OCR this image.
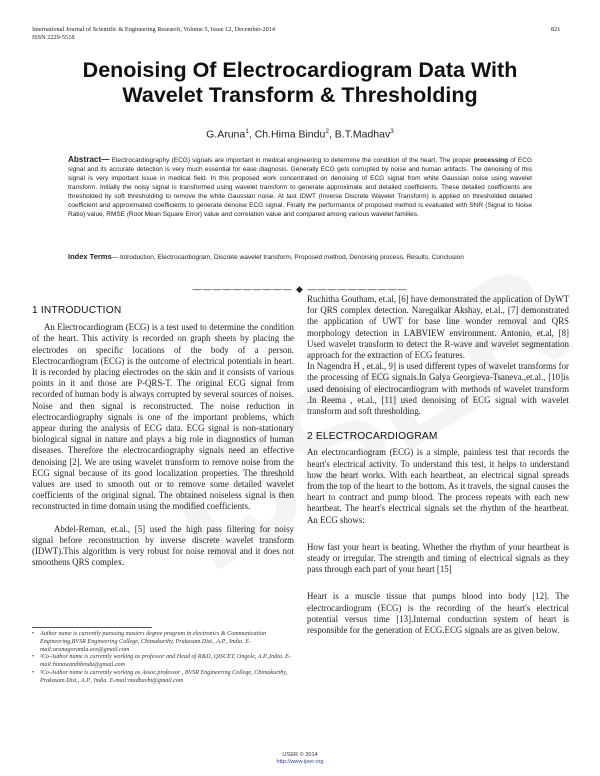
International Journal of Scientific & Engineering Research, Volume 5, Issue 12, December-2014
ISSN 2229-5518
821
Denoising Of Electrocardiogram Data With
Wavelet Transform & Thresholding
G.Aruna$^1$, Ch.Hima Bindu$^2$, B.T.Madhav$^3$
Abstract— Electrocardiography (ECG) signals are important in medical engineering to determine the condition of the heart. The proper processing of ECG signal and its accurate detection is very much essential for ease diagnosis. Generally ECG gets corrupted by noise and human artifacts. The denoising of this signal is very important issue in medical field. In this proposed work concentrated on denoising of ECG signal from white Gaussian noise using wavelet transform. Initially the noisy signal is transformed using wavelet transform to generate approximate and detailed coefficients. These detailed coefficients are thresholded by soft thresholding to remove the white Gaussian noise. At last IDWT (Inverse Discrete Wavelet Transform) is applied on thresholded detailed coefficient and approximated coefficients to generate denoise ECG signal. Finally the performance of proposed method is evaluated with SNR (Signal to Noise Ratio) value, RMSE (Root Mean Square Error) value and correlation value and compared among various wavelet families.
Index Terms— Introduction, Electrocardiogram, Discrete wavelet transform, Proposed method, Denoising process, Results, Conclusion
—————————— ◆ ——————————
1 INTRODUCTION

An Electrocardiogram (ECG) is a test used to determine the condition of the heart. This activity is recorded on graph sheets by placing the electrodes on specific locations of the body of a person. Electrocardiogram (ECG) is the outcome of electrical potentials in heart. It is recorded by placing electrodes on the skin and it consists of various points in it and those are P-QRS-T. The original ECG signal from recorded of human body is always corrupted by several sources of noises. Noise and then signal is reconstructed. The noise reduction in electrocardiography signals is one of the important problems, which appear during the analysis of ECG data. ECG signal is non-stationary biological signal in nature and plays a big role in diagnostics of human diseases. Therefore the electrocardiography signals need an effective denoising [2]. We are using wavelet transform to remove noise from the ECG signal because of its good localization properties. The threshold values are used to smooth out or to remove some detailed wavelet coefficients of the original signal. The obtained noiseless signal is then reconstructed in time domain using the modified coefficients.

Abdel-Reman, et.al., [5] used the high pass filtering for noisy signal before reconstruction by inverse discrete wavelet transform (IDWT).This algorithm is very robust for noise removal and it does not smoothens QRS complex.

• Author name is currently pursuing masters degree program in electronics & Communication Engineering,BVSR Engineering College, Chimakurthy, Prakasam.Dist., A.P., India. E-mail:arunagorantla.ece@gmail.com
• ²Co-Author name is currently working as professor and Head of R&D, QISCET, Ongole, A.P.,India. E-mail:himawanthbindu@gmail.com
• ³Co-Author name is currently working as Assoc.professor , BVSR Engineering College, Chimakurthy, Prakasam.Dist., A.P., India. E-mail:madhavbt@gmail.com

Ruchitha Goutham, et.al, [6] have demonstrated the application of DyWT for QRS complex detection. Naregalkar Akshay, et.al., [7] demonstrated the application of UWT for base line wonder removal and QRS morphology detection in LABVIEW environment. Antonio, et.al, [8] Used wavelet transform to detect the R-wave and wavelet segmentation approach for the extraction of ECG features.

In Nagendra H , et.al., 9] is used different types of wavelet transforms for the processing of ECG signals.In Galya Georgieva-Tsaneva.,et.al., [10]is used denoising of electrocardiogram with methods of wavelet transform .In Reema , et.al., [11] used denoising of ECG signal with wavelet transform and soft thresholding.

2 ELECTROCARDIOGRAM

An electrocardiogram (ECG) is a simple, painless test that records the heart's electrical activity. To understand this test, it helps to understand how the heart works. With each heartbeat, an electrical signal spreads from the top of the heart to the bottom. As it travels, the signal causes the heart to contract and pump blood. The process repeats with each new heartbeat. The heart's electrical signals set the rhythm of the heartbeat. An ECG shows:

How fast your heart is beating. Whether the rhythm of your heartbeat is steady or irregular. The strength and timing of electrical signals as they pass through each part of your heart [15]

Heart is a muscle tissue that pumps blood into body [12]. The electrocardiogram (ECG) is the recording of the heart's electrical potential versus time [13].Internal conduction system of heart is responsible for the generation of ECG.ECG signals are as given below.

IJSER © 2014
http://www.ijser.org
